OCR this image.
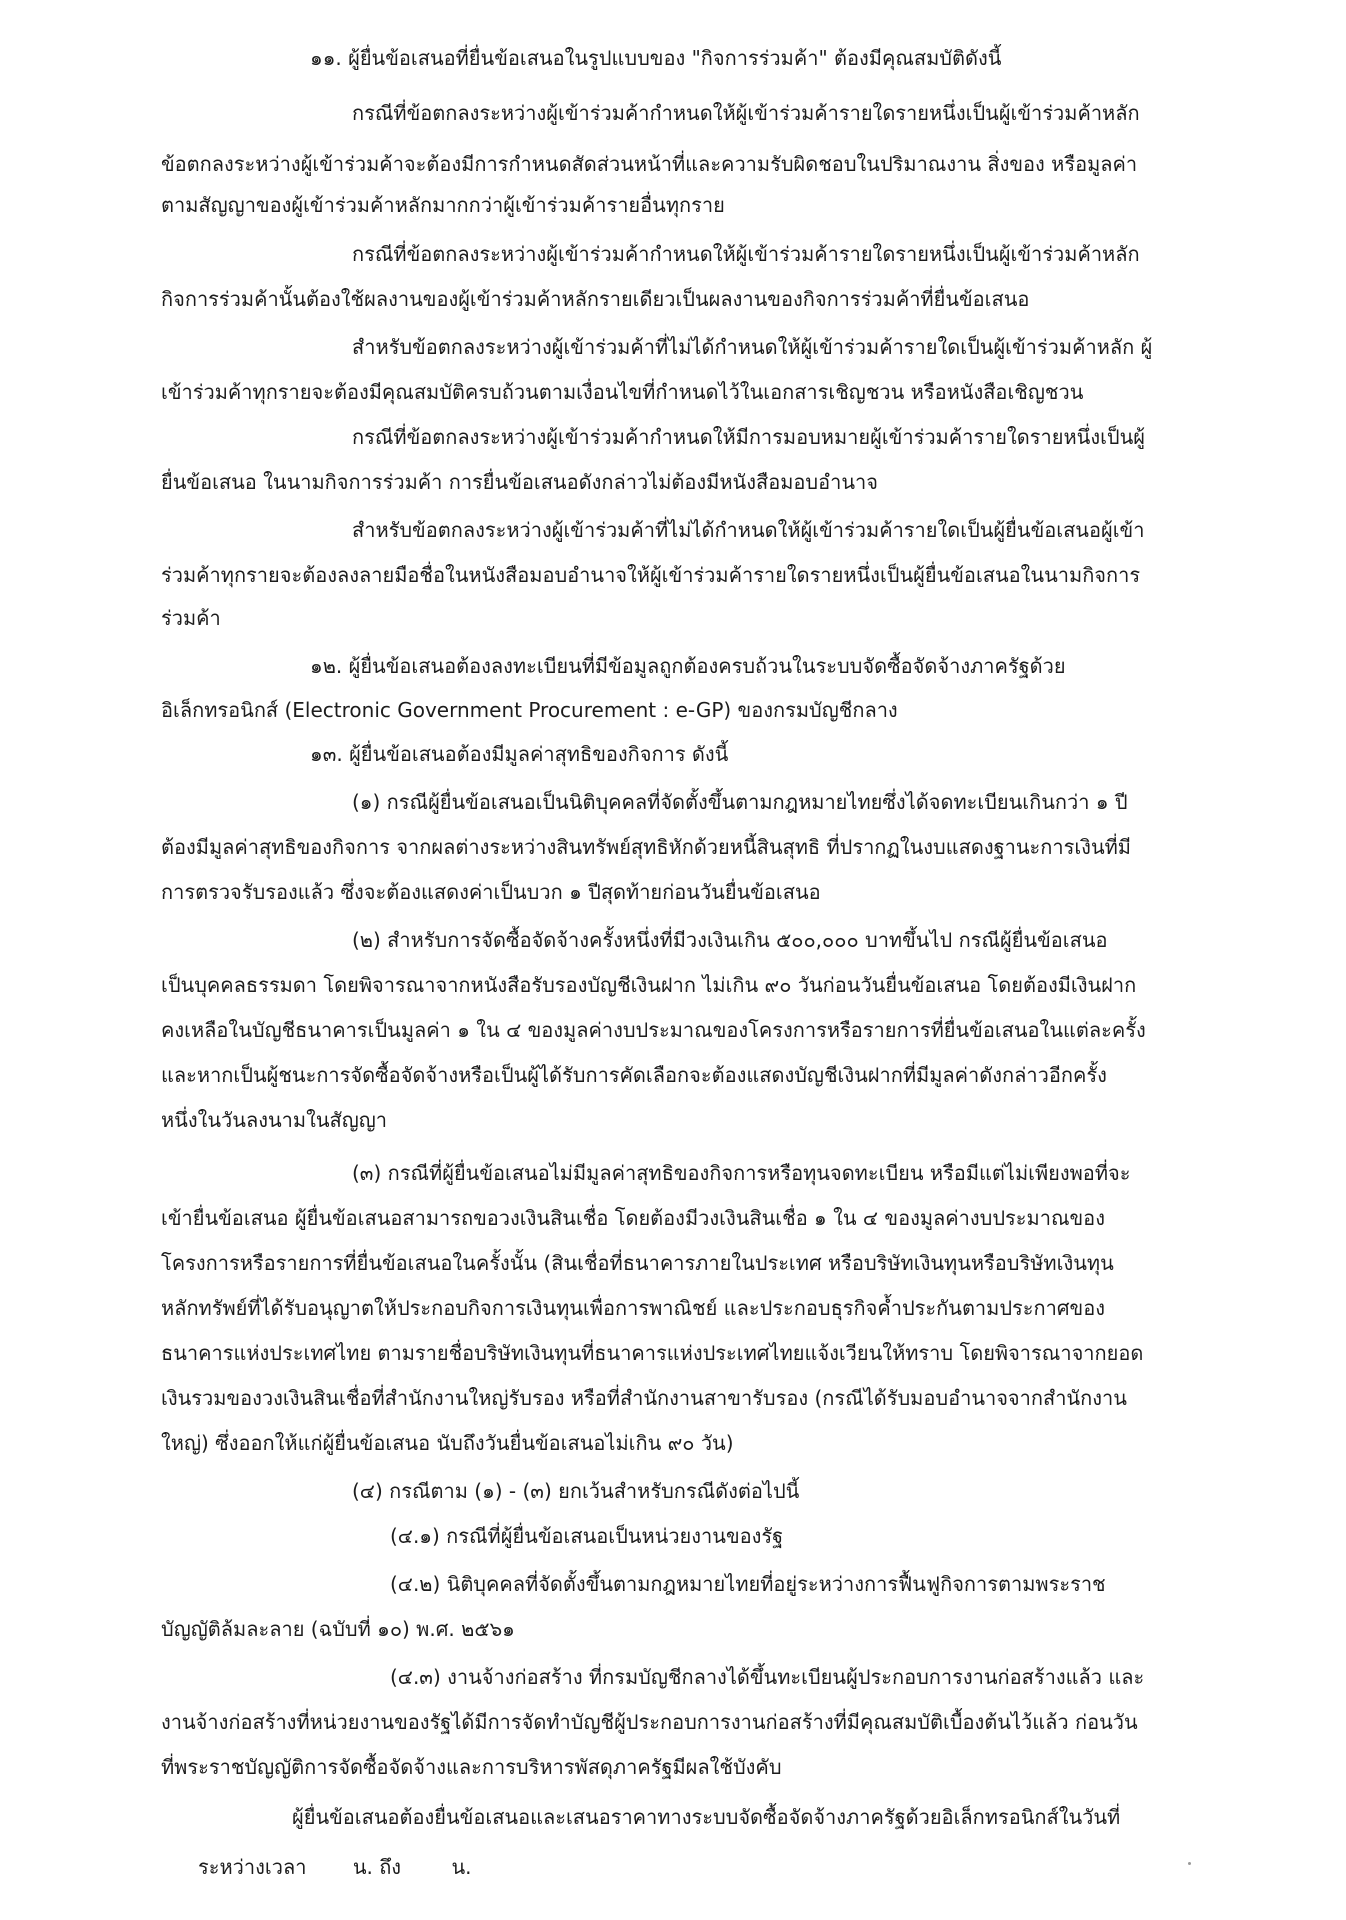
๑๑. ผู้ยื่นข้อเสนอที่ยื่นข้อเสนอในรูปแบบของ "กิจการร่วมค้า" ต้องมีคุณสมบัติดังนี้
กรณีที่ข้อตกลงระหว่างผู้เข้าร่วมค้ากำหนดให้ผู้เข้าร่วมค้ารายใดรายหนึ่งเป็นผู้เข้าร่วมค้าหลัก
ข้อตกลงระหว่างผู้เข้าร่วมค้าจะต้องมีการกำหนดสัดส่วนหน้าที่และความรับผิดชอบในปริมาณงาน สิ่งของ หรือมูลค่า
ตามสัญญาของผู้เข้าร่วมค้าหลักมากกว่าผู้เข้าร่วมค้ารายอื่นทุกราย
กรณีที่ข้อตกลงระหว่างผู้เข้าร่วมค้ากำหนดให้ผู้เข้าร่วมค้ารายใดรายหนึ่งเป็นผู้เข้าร่วมค้าหลัก
กิจการร่วมค้านั้นต้องใช้ผลงานของผู้เข้าร่วมค้าหลักรายเดียวเป็นผลงานของกิจการร่วมค้าที่ยื่นข้อเสนอ
สำหรับข้อตกลงระหว่างผู้เข้าร่วมค้าที่ไม่ได้กำหนดให้ผู้เข้าร่วมค้ารายใดเป็นผู้เข้าร่วมค้าหลัก ผู้
เข้าร่วมค้าทุกรายจะต้องมีคุณสมบัติครบถ้วนตามเงื่อนไขที่กำหนดไว้ในเอกสารเชิญชวน หรือหนังสือเชิญชวน
กรณีที่ข้อตกลงระหว่างผู้เข้าร่วมค้ากำหนดให้มีการมอบหมายผู้เข้าร่วมค้ารายใดรายหนึ่งเป็นผู้
ยื่นข้อเสนอ ในนามกิจการร่วมค้า การยื่นข้อเสนอดังกล่าวไม่ต้องมีหนังสือมอบอำนาจ
สำหรับข้อตกลงระหว่างผู้เข้าร่วมค้าที่ไม่ได้กำหนดให้ผู้เข้าร่วมค้ารายใดเป็นผู้ยื่นข้อเสนอผู้เข้า
ร่วมค้าทุกรายจะต้องลงลายมือชื่อในหนังสือมอบอำนาจให้ผู้เข้าร่วมค้ารายใดรายหนึ่งเป็นผู้ยื่นข้อเสนอในนามกิจการ
ร่วมค้า
๑๒. ผู้ยื่นข้อเสนอต้องลงทะเบียนที่มีข้อมูลถูกต้องครบถ้วนในระบบจัดซื้อจัดจ้างภาครัฐด้วย
อิเล็กทรอนิกส์ (Electronic Government Procurement : e-GP) ของกรมบัญชีกลาง
๑๓. ผู้ยื่นข้อเสนอต้องมีมูลค่าสุทธิของกิจการ ดังนี้
(๑) กรณีผู้ยื่นข้อเสนอเป็นนิติบุคคลที่จัดตั้งขึ้นตามกฎหมายไทยซึ่งได้จดทะเบียนเกินกว่า ๑ ปี
ต้องมีมูลค่าสุทธิของกิจการ จากผลต่างระหว่างสินทรัพย์สุทธิหักด้วยหนี้สินสุทธิ ที่ปรากฏในงบแสดงฐานะการเงินที่มี
การตรวจรับรองแล้ว ซึ่งจะต้องแสดงค่าเป็นบวก ๑ ปีสุดท้ายก่อนวันยื่นข้อเสนอ
(๒) สำหรับการจัดซื้อจัดจ้างครั้งหนึ่งที่มีวงเงินเกิน ๕๐๐,๐๐๐ บาทขึ้นไป กรณีผู้ยื่นข้อเสนอ
เป็นบุคคลธรรมดา โดยพิจารณาจากหนังสือรับรองบัญชีเงินฝาก ไม่เกิน ๙๐ วันก่อนวันยื่นข้อเสนอ โดยต้องมีเงินฝาก
คงเหลือในบัญชีธนาคารเป็นมูลค่า ๑ ใน ๔ ของมูลค่างบประมาณของโครงการหรือรายการที่ยื่นข้อเสนอในแต่ละครั้ง
และหากเป็นผู้ชนะการจัดซื้อจัดจ้างหรือเป็นผู้ได้รับการคัดเลือกจะต้องแสดงบัญชีเงินฝากที่มีมูลค่าดังกล่าวอีกครั้ง
หนึ่งในวันลงนามในสัญญา
(๓) กรณีที่ผู้ยื่นข้อเสนอไม่มีมูลค่าสุทธิของกิจการหรือทุนจดทะเบียน หรือมีแต่ไม่เพียงพอที่จะ
เข้ายื่นข้อเสนอ ผู้ยื่นข้อเสนอสามารถขอวงเงินสินเชื่อ โดยต้องมีวงเงินสินเชื่อ ๑ ใน ๔ ของมูลค่างบประมาณของ
โครงการหรือรายการที่ยื่นข้อเสนอในครั้งนั้น (สินเชื่อที่ธนาคารภายในประเทศ หรือบริษัทเงินทุนหรือบริษัทเงินทุน
หลักทรัพย์ที่ได้รับอนุญาตให้ประกอบกิจการเงินทุนเพื่อการพาณิชย์ และประกอบธุรกิจค้ำประกันตามประกาศของ
ธนาคารแห่งประเทศไทย ตามรายชื่อบริษัทเงินทุนที่ธนาคารแห่งประเทศไทยแจ้งเวียนให้ทราบ โดยพิจารณาจากยอด
เงินรวมของวงเงินสินเชื่อที่สำนักงานใหญ่รับรอง หรือที่สำนักงานสาขารับรอง (กรณีได้รับมอบอำนาจจากสำนักงาน
ใหญ่) ซึ่งออกให้แก่ผู้ยื่นข้อเสนอ นับถึงวันยื่นข้อเสนอไม่เกิน ๙๐ วัน)
(๔) กรณีตาม (๑) - (๓) ยกเว้นสำหรับกรณีดังต่อไปนี้
(๔.๑) กรณีที่ผู้ยื่นข้อเสนอเป็นหน่วยงานของรัฐ
(๔.๒) นิติบุคคลที่จัดตั้งขึ้นตามกฎหมายไทยที่อยู่ระหว่างการฟื้นฟูกิจการตามพระราช
บัญญัติล้มละลาย (ฉบับที่ ๑๐) พ.ศ. ๒๕๖๑
(๔.๓) งานจ้างก่อสร้าง ที่กรมบัญชีกลางได้ขึ้นทะเบียนผู้ประกอบการงานก่อสร้างแล้ว และ
งานจ้างก่อสร้างที่หน่วยงานของรัฐได้มีการจัดทำบัญชีผู้ประกอบการงานก่อสร้างที่มีคุณสมบัติเบื้องต้นไว้แล้ว ก่อนวัน
ที่พระราชบัญญัติการจัดซื้อจัดจ้างและการบริหารพัสดุภาครัฐมีผลใช้บังคับ
ผู้ยื่นข้อเสนอต้องยื่นข้อเสนอและเสนอราคาทางระบบจัดซื้อจัดจ้างภาครัฐด้วยอิเล็กทรอนิกส์ในวันที่
ระหว่างเวลา น. ถึง	น.
